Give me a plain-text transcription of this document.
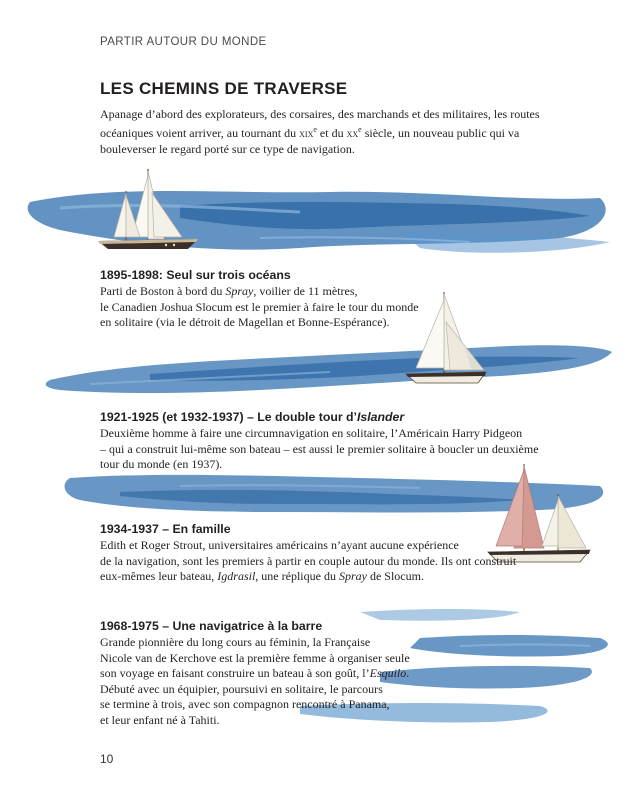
PARTIR AUTOUR DU MONDE
LES CHEMINS DE TRAVERSE

Apanage d’abord des explorateurs, des corsaires, des marchands et des militaires, les routes océaniques voient arriver, au tournant du xix$^e$ et du $xx^e$ siècle, un nouveau public qui va bouleverser le regard porté sur ce type de navigation.

1895-1898: Seul sur trois océans

Parti de Boston à bord du Spray, voilier de 11 mètres,
le Canadien Joshua Slocum est le premier à faire le tour du monde
en solitaire (via le détroit de Magellan et Bonne-Espérance).

1921-1925 (et 1932-1937) – Le double tour d’Islander

Deuxième homme à faire une circumnavigation en solitaire, l’Américain Harry Pidgeon
– qui a construit lui-même son bateau – est aussi le premier solitaire à boucler un deuxième
tour du monde (en 1937).

1934-1937 – En famille

Edith et Roger Strout, universitaires américains n’ayant aucune expérience
de la navigation, sont les premiers à partir en couple autour du monde. Ils ont construit
eux-mêmes leur bateau, Igdrasil, une réplique du Spray de Slocum.

1968-1975 – Une navigatrice à la barre

Grande pionnière du long cours au féminin, la Française
Nicole van de Kerchove est la première femme à organiser seule
son voyage en faisant construire un bateau à son goût, l’Esquilo.
Débuté avec un équipier, poursuivi en solitaire, le parcours
se termine à trois, avec son compagnon rencontré à Panama,
et leur enfant né à Tahiti.

10
